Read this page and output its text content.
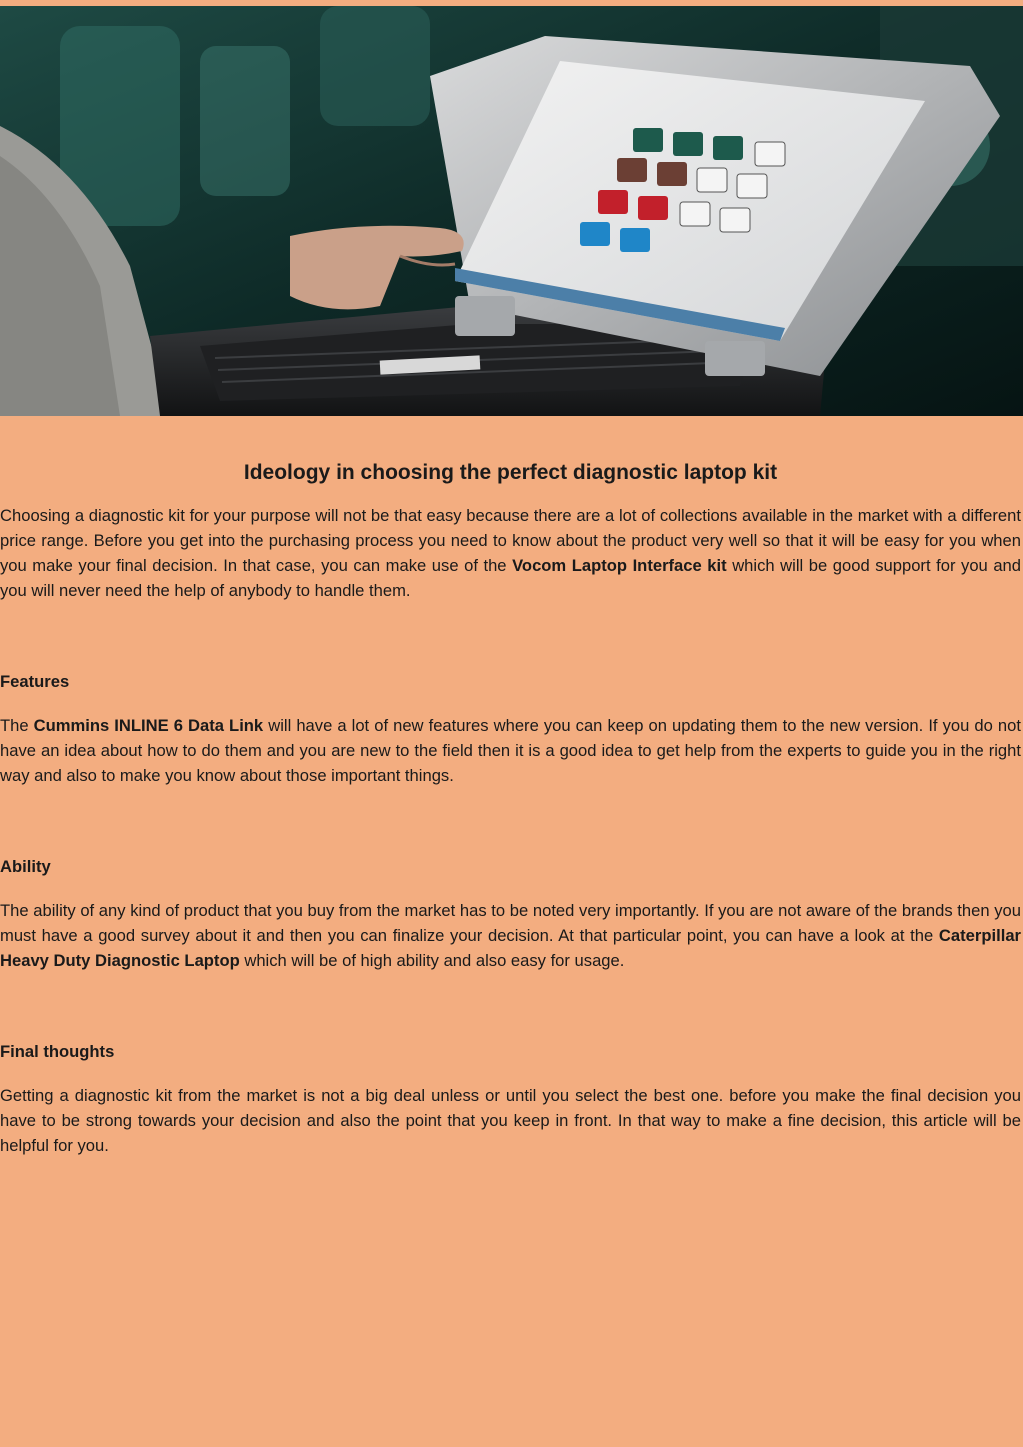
Ideology in choosing the perfect diagnostic laptop kit

Choosing a diagnostic kit for your purpose will not be that easy because there are a lot of collections available in the market with a different price range. Before you get into the purchasing process you need to know about the product very well so that it will be easy for you when you make your final decision. In that case, you can make use of the Vocom Laptop Interface kit which will be good support for you and you will never need the help of anybody to handle them.

Features

The Cummins INLINE 6 Data Link will have a lot of new features where you can keep on updating them to the new version. If you do not have an idea about how to do them and you are new to the field then it is a good idea to get help from the experts to guide you in the right way and also to make you know about those important things.

Ability

The ability of any kind of product that you buy from the market has to be noted very importantly. If you are not aware of the brands then you must have a good survey about it and then you can finalize your decision. At that particular point, you can have a look at the Caterpillar Heavy Duty Diagnostic Laptop which will be of high ability and also easy for usage.

Final thoughts

Getting a diagnostic kit from the market is not a big deal unless or until you select the best one. before you make the final decision you have to be strong towards your decision and also the point that you keep in front. In that way to make a fine decision, this article will be helpful for you.
